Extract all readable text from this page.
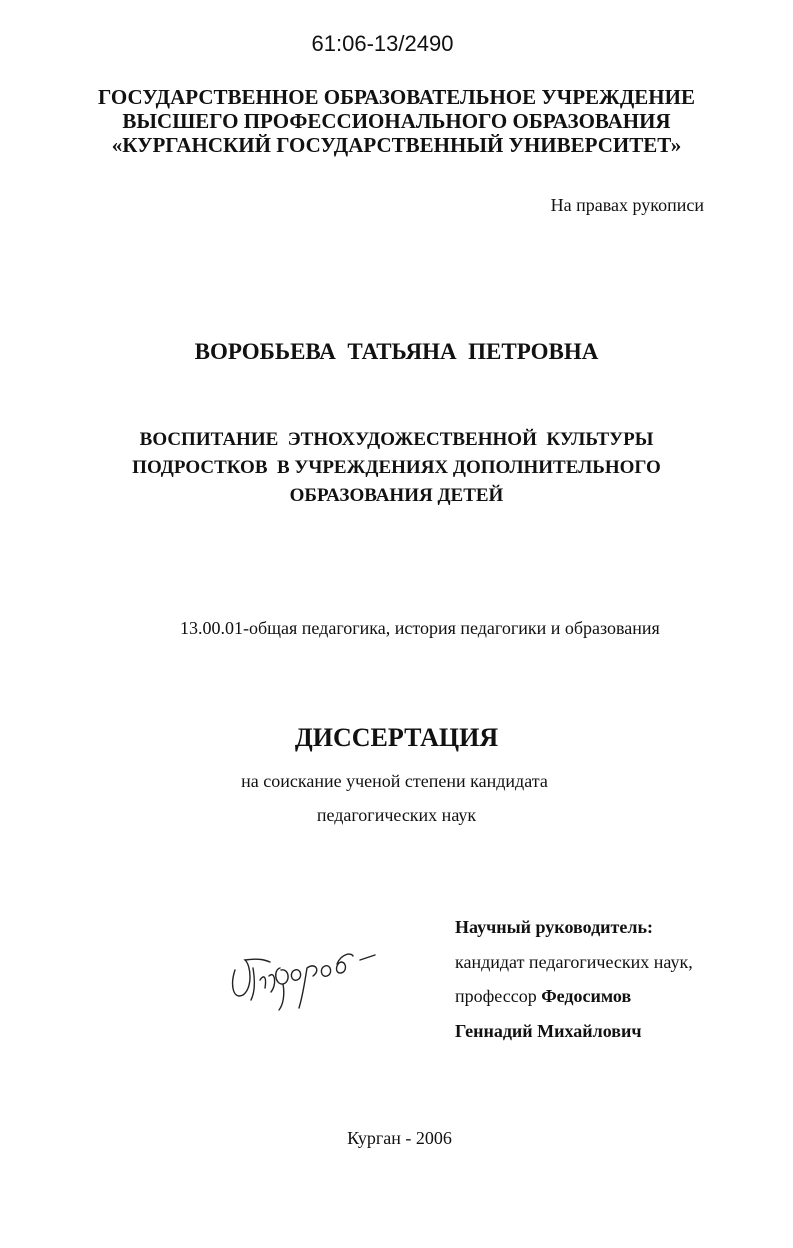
61:06-13/2490
ГОСУДАРСТВЕННОЕ ОБРАЗОВАТЕЛЬНОЕ УЧРЕЖДЕНИЕ
ВЫСШЕГО ПРОФЕССИОНАЛЬНОГО ОБРАЗОВАНИЯ
«КУРГАНСКИЙ ГОСУДАРСТВЕННЫЙ УНИВЕРСИТЕТ»
На правах рукописи
ВОРОБЬЕВА  ТАТЬЯНА  ПЕТРОВНА
ВОСПИТАНИЕ  ЭТНОХУДОЖЕСТВЕННОЙ  КУЛЬТУРЫ
ПОДРОСТКОВ  В УЧРЕЖДЕНИЯХ ДОПОЛНИТЕЛЬНОГО
ОБРАЗОВАНИЯ ДЕТЕЙ
13.00.01-общая педагогика, история педагогики и образования
ДИССЕРТАЦИЯ
на соискание ученой степени кандидата
педагогических наук
Научный руководитель:
кандидат педагогических наук,
профессор Федосимов
Геннадий Михайлович
Курган - 2006
